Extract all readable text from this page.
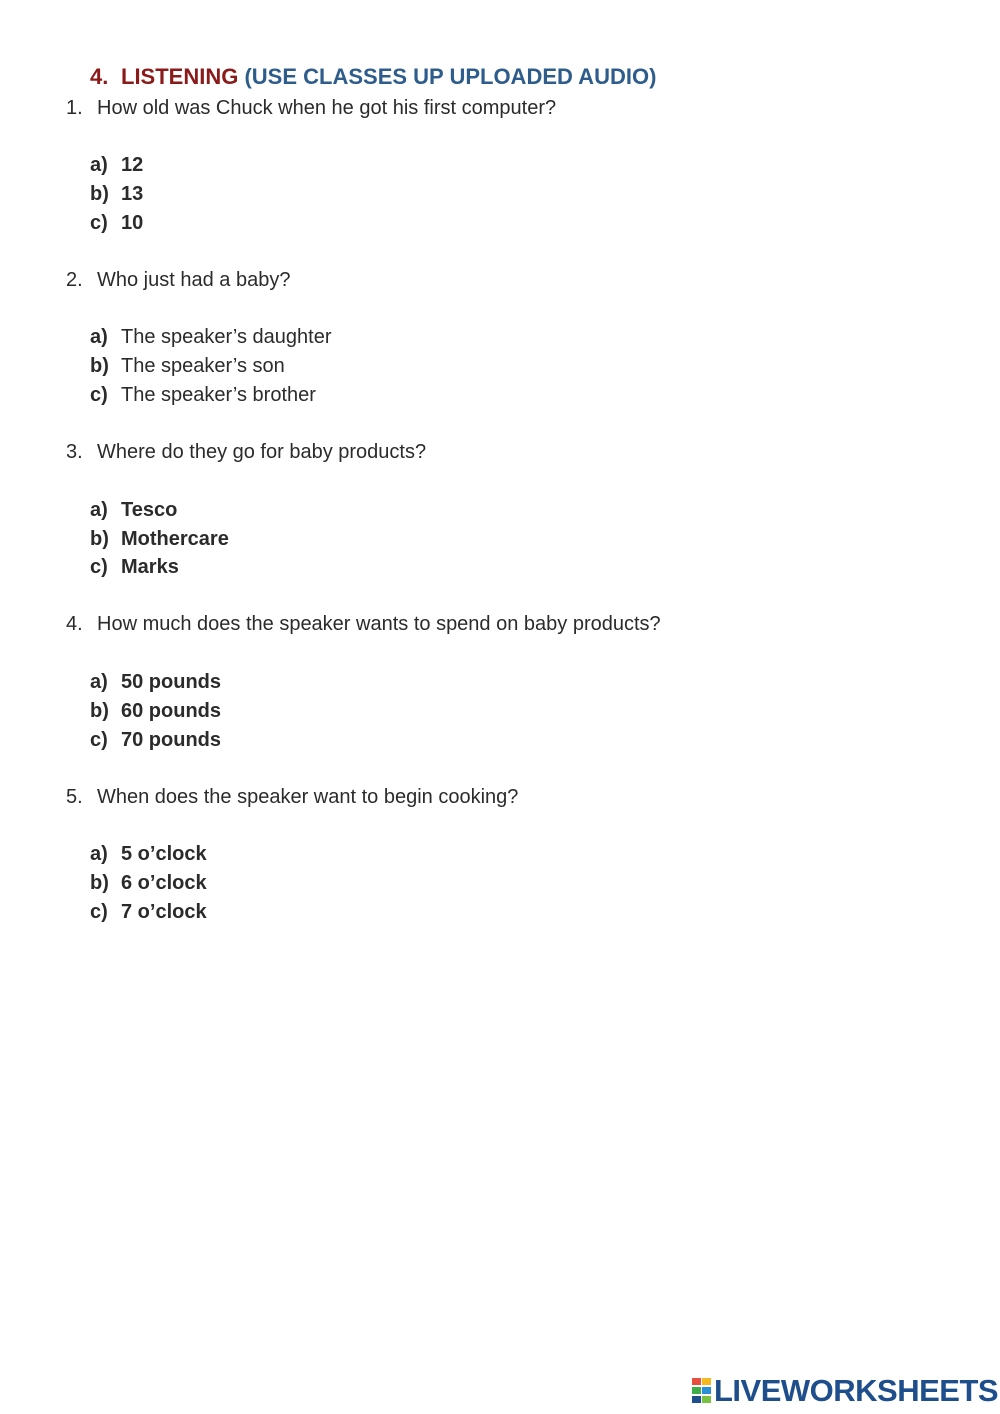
4. LISTENING (USE CLASSES UP UPLOADED AUDIO)
1. How old was Chuck when he got his first computer?
a) 12
b) 13
c) 10
2. Who just had a baby?
a) The speaker’s daughter
b) The speaker’s son
c) The speaker’s brother
3. Where do they go for baby products?
a) Tesco
b) Mothercare
c) Marks
4. How much does the speaker wants to spend on baby products?
a) 50 pounds
b) 60 pounds
c) 70 pounds
5. When does the speaker want to begin cooking?
a) 5 o’clock
b) 6 o’clock
c) 7 o’clock
LIVEWORKSHEETS
